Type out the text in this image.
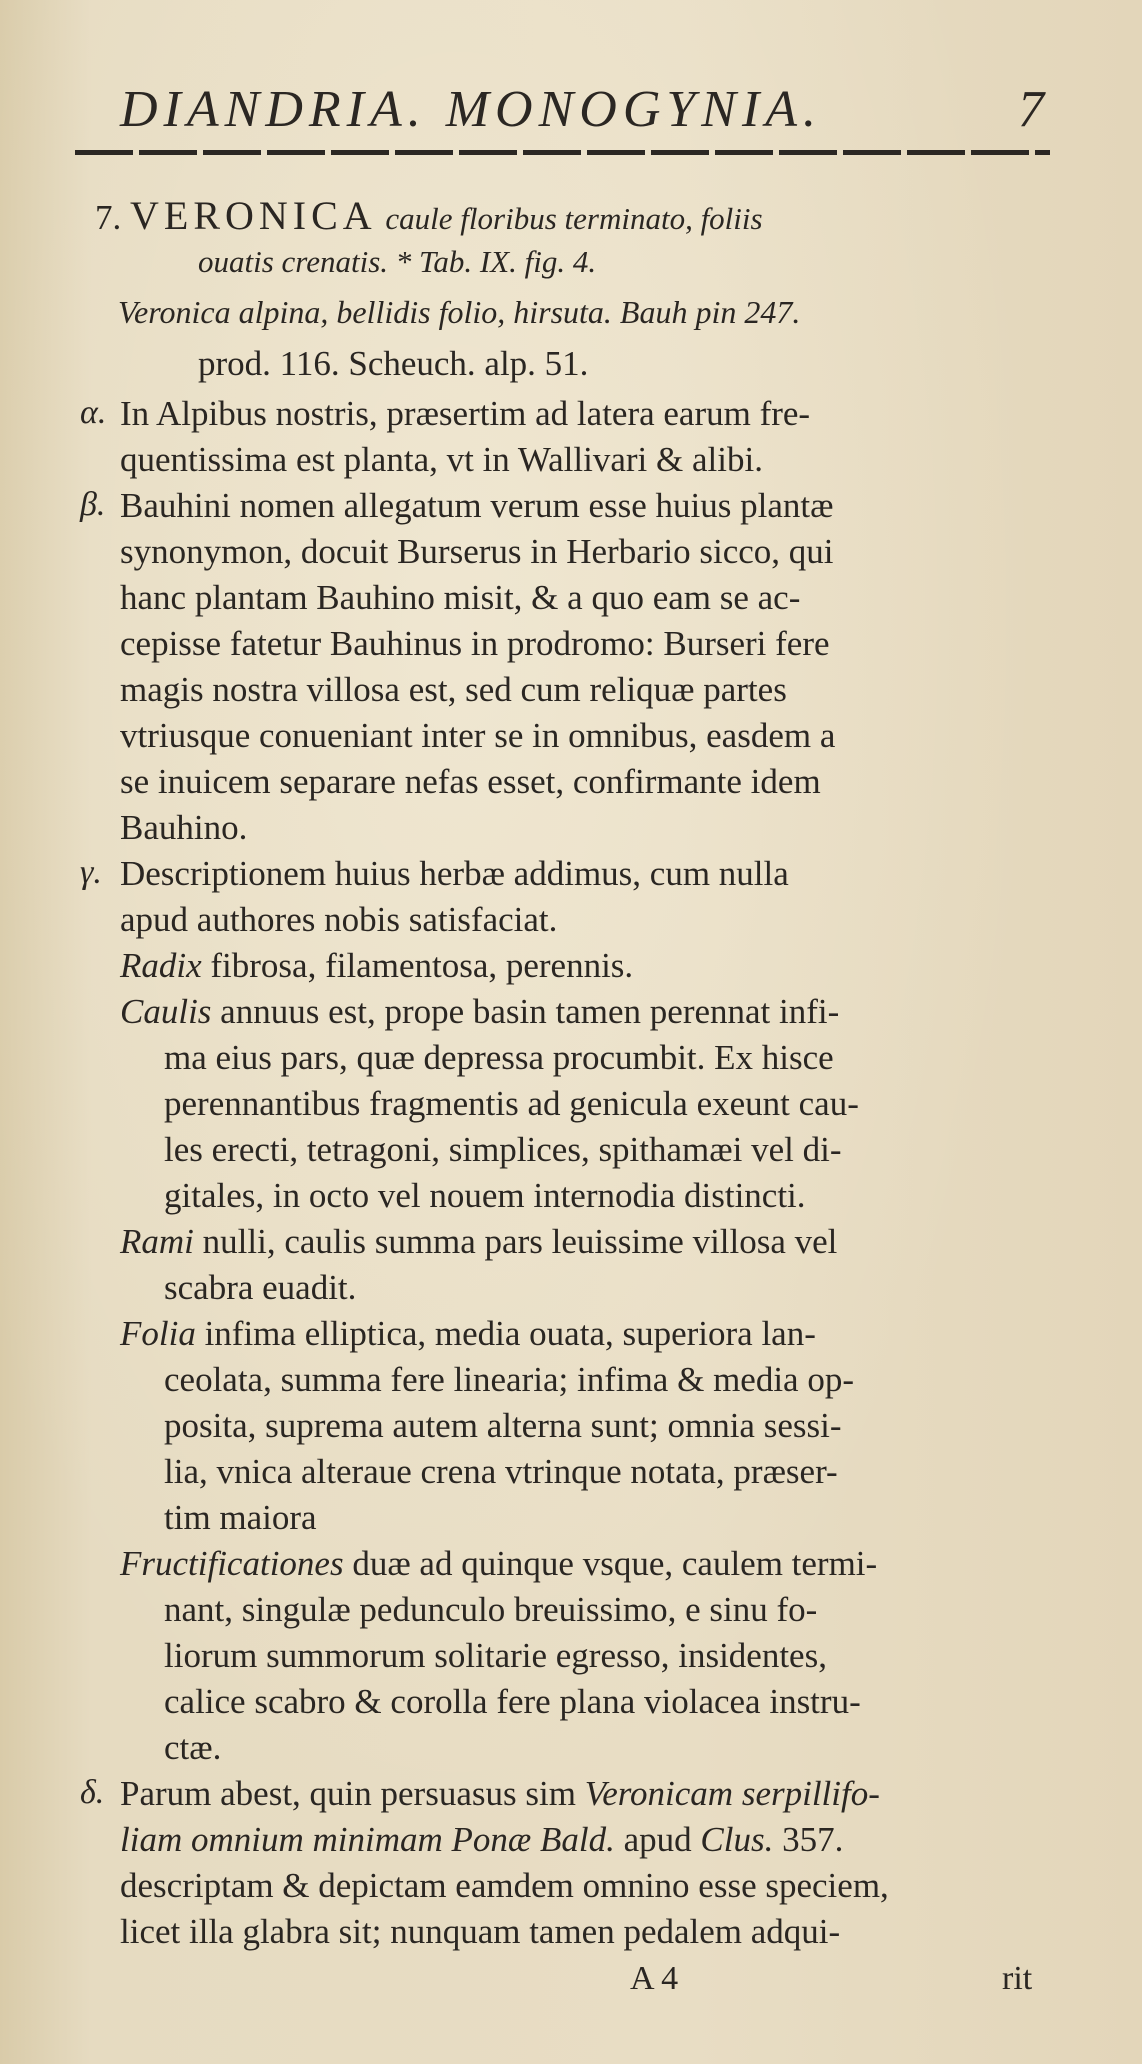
DIANDRIA. MONOGYNIA.	7
7. VERONICA caule floribus terminato, foliis
ouatis crenatis. * Tab. IX. fig. 4.
Veronica alpina, bellidis folio, hirsuta. Bauh pin 247.
prod. 116. Scheuch. alp. 51.
α. In Alpibus nostris, præsertim ad latera earum fre-
quentissima est planta, vt in Wallivari & alibi.
β. Bauhini nomen allegatum verum esse huius plantæ
synonymon, docuit Burserus in Herbario sicco, qui
hanc plantam Bauhino misit, & a quo eam se ac-
cepisse fatetur Bauhinus in prodromo: Burseri fere
magis nostra villosa est, sed cum reliquæ partes
vtriusque conueniant inter se in omnibus, easdem a
se inuicem separare nefas esset, confirmante idem
Bauhino.
γ. Descriptionem huius herbæ addimus, cum nulla
apud authores nobis satisfaciat.
Radix fibrosa, filamentosa, perennis.
Caulis annuus est, prope basin tamen perennat infi-
ma eius pars, quæ depressa procumbit. Ex hisce
perennantibus fragmentis ad genicula exeunt cau-
les erecti, tetragoni, simplices, spithamæi vel di-
gitales, in octo vel nouem internodia distincti.
Rami nulli, caulis summa pars leuissime villosa vel
scabra euadit.
Folia infima elliptica, media ouata, superiora lan-
ceolata, summa fere linearia; infima & media op-
posita, suprema autem alterna sunt; omnia sessi-
lia, vnica alteraue crena vtrinque notata, præser-
tim maiora
Fructificationes duæ ad quinque vsque, caulem termi-
nant, singulæ pedunculo breuissimo, e sinu fo-
liorum summorum solitarie egresso, insidentes,
calice scabro & corolla fere plana violacea instru-
ctæ.
δ. Parum abest, quin persuasus sim Veronicam serpillifo-
liam omnium minimam Ponæ Bald. apud Clus. 357.
descriptam & depictam eamdem omnino esse speciem,
licet illa glabra sit; nunquam tamen pedalem adqui-
A 4	rit
